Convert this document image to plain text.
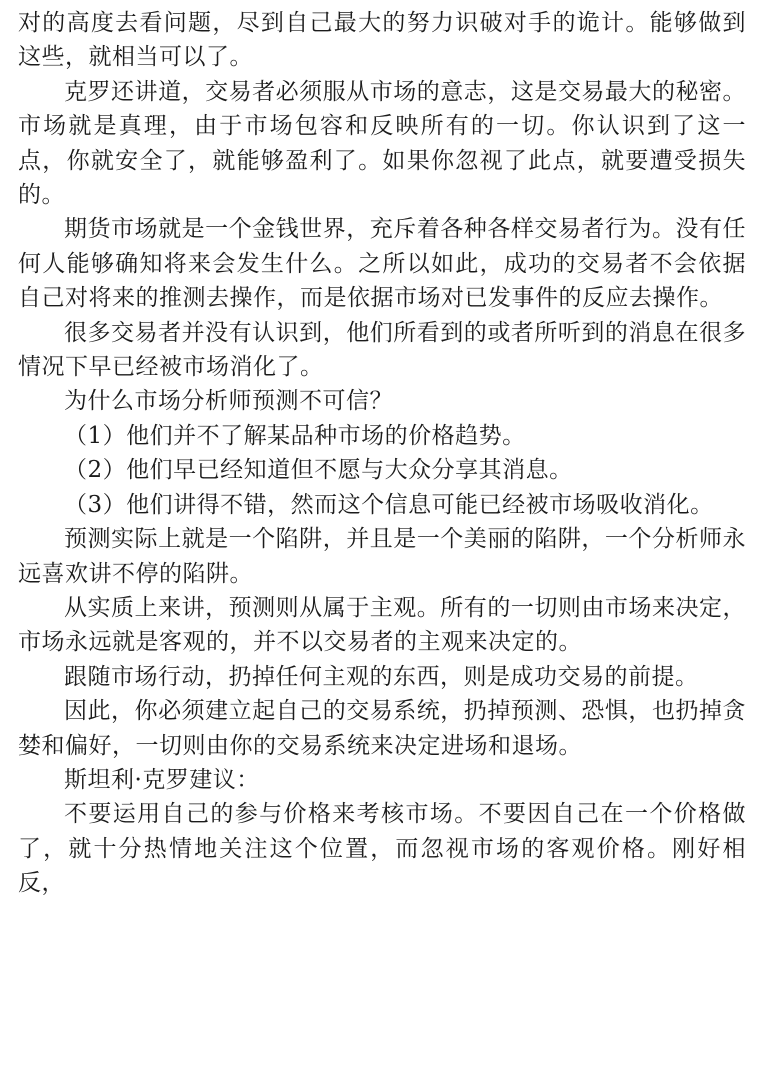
对的高度去看问题，尽到自己最大的努力识破对手的诡计。能够做到这些，就相当可以了。

克罗还讲道，交易者必须服从市场的意志，这是交易最大的秘密。市场就是真理，由于市场包容和反映所有的一切。你认识到了这一点，你就安全了，就能够盈利了。如果你忽视了此点，就要遭受损失的。

期货市场就是一个金钱世界，充斥着各种各样交易者行为。没有任何人能够确知将来会发生什么。之所以如此，成功的交易者不会依据自己对将来的推测去操作，而是依据市场对已发事件的反应去操作。

很多交易者并没有认识到，他们所看到的或者所听到的消息在很多情况下早已经被市场消化了。

为什么市场分析师预测不可信？

（1）他们并不了解某品种市场的价格趋势。

（2）他们早已经知道但不愿与大众分享其消息。

（3）他们讲得不错，然而这个信息可能已经被市场吸收消化。

预测实际上就是一个陷阱，并且是一个美丽的陷阱，一个分析师永远喜欢讲不停的陷阱。

从实质上来讲，预测则从属于主观。所有的一切则由市场来决定，市场永远就是客观的，并不以交易者的主观来决定的。

跟随市场行动，扔掉任何主观的东西，则是成功交易的前提。

因此，你必须建立起自己的交易系统，扔掉预测、恐惧，也扔掉贪婪和偏好，一切则由你的交易系统来决定进场和退场。

斯坦利·克罗建议：

不要运用自己的参与价格来考核市场。不要因自己在一个价格做了，就十分热情地关注这个位置，而忽视市场的客观价格。刚好相反，
